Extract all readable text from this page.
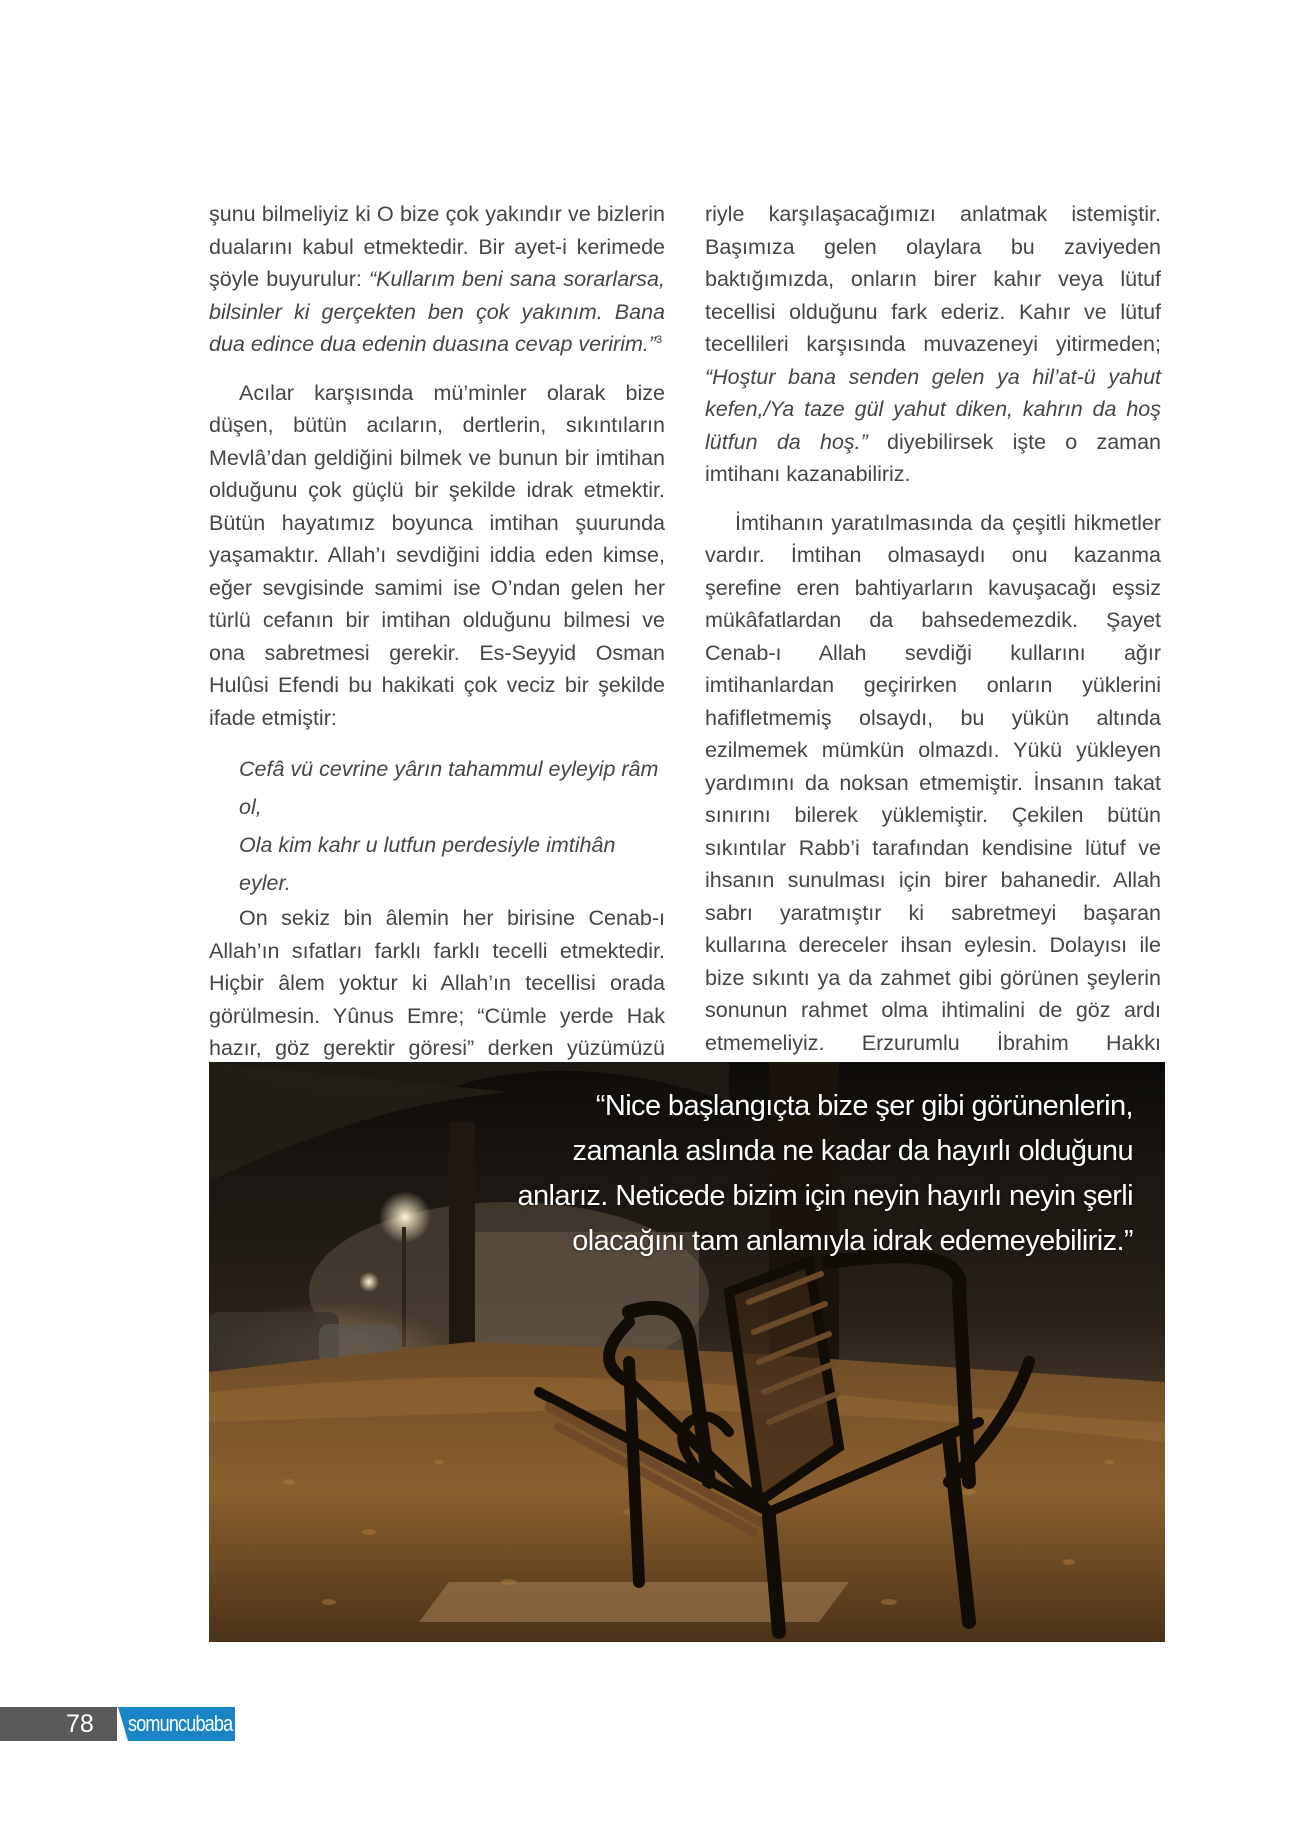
şunu bilmeliyiz ki O bize çok yakındır ve bizlerin dualarını kabul etmektedir. Bir ayet-i kerimede şöyle buyurulur: “Kullarım beni sana sorarlarsa, bilsinler ki gerçekten ben çok yakınım. Bana dua edince dua edenin duasına cevap veririm.”$^3$

Acılar karşısında mü’minler olarak bize düşen, bütün acıların, dertlerin, sıkıntıların Mevlâ’dan geldiğini bilmek ve bunun bir imtihan olduğunu çok güçlü bir şekilde idrak etmektir. Bütün hayatımız boyunca imtihan şuurunda yaşamaktır. Allah’ı sevdiğini iddia eden kimse, eğer sevgisinde samimi ise O’ndan gelen her türlü cefanın bir imtihan olduğunu bilmesi ve ona sabretmesi gerekir. Es-Seyyid Osman Hulûsi Efendi bu hakikati çok veciz bir şekilde ifade etmiştir:

Cefâ vü cevrine yârın tahammul eyleyip râm ol,
Ola kim kahr u lutfun perdesiyle imtihân eyler.

On sekiz bin âlemin her birisine Cenab-ı Allah’ın sıfatları farklı farklı tecelli etmektedir. Hiçbir âlem yoktur ki Allah’ın tecellisi orada görülmesin. Yûnus Emre; “Cümle yerde Hak hazır, göz gerektir göresi” derken yüzümüzü

riyle karşılaşacağımızı anlatmak istemiştir. Başımıza gelen olaylara bu zaviyeden baktığımızda, onların birer kahır veya lütuf tecellisi olduğunu fark ederiz. Kahır ve lütuf tecellileri karşısında muvazeneyi yitirmeden; “Hoştur bana senden gelen ya hil’at-ü yahut kefen,/Ya taze gül yahut diken, kahrın da hoş lütfun da hoş.” diyebilirsek işte o zaman imtihanı kazanabiliriz.

İmtihanın yaratılmasında da çeşitli hikmetler vardır. İmtihan olmasaydı onu kazanma şerefine eren bahtiyarların kavuşacağı eşsiz mükâfatlardan da bahsedemezdik. Şayet Cenab-ı Allah sevdiği kullarını ağır imtihanlardan geçirirken onların yüklerini hafifletmemiş olsaydı, bu yükün altında ezilmemek mümkün olmazdı. Yükü yükleyen yardımını da noksan etmemiştir. İnsanın takat sınırını bilerek yüklemiştir. Çekilen bütün sıkıntılar Rabb’i tarafından kendisine lütuf ve ihsanın sunulması için birer bahanedir. Allah sabrı yaratmıştır ki sabretmeyi başaran kullarına dereceler ihsan eylesin. Dolayısı ile bize sıkıntı ya da zahmet gibi görünen şeylerin sonunun rahmet olma ihtimalini de göz ardı etmemeliyiz. Erzurumlu İbrahim Hakkı

“Nice başlangıçta bize şer gibi görünenlerin,
zamanla aslında ne kadar da hayırlı olduğunu
anlarız. Neticede bizim için neyin hayırlı neyin şerli
olacağını tam anlamıyla idrak edemeyebiliriz.”
78 somuncubaba
